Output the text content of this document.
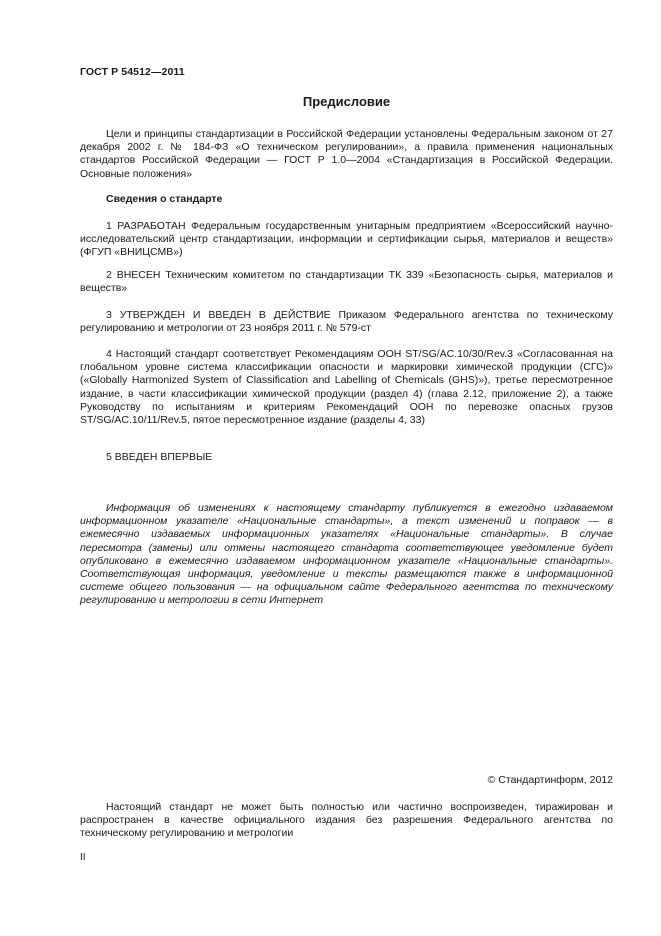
ГОСТ Р 54512—2011
Предисловие

Цели и принципы стандартизации в Российской Федерации установлены Федеральным законом от 27 декабря 2002 г. № 184-ФЗ «О техническом регулировании», а правила применения национальных стандартов Российской Федерации — ГОСТ Р 1.0—2004 «Стандартизация в Российской Федерации. Основные положения»

Сведения о стандарте

1 РАЗРАБОТАН Федеральным государственным унитарным предприятием «Всероссийский научно-исследовательский центр стандартизации, информации и сертификации сырья, материалов и веществ» (ФГУП «ВНИЦСМВ»)

2 ВНЕСЕН Техническим комитетом по стандартизации ТК 339 «Безопасность сырья, материалов и веществ»

3 УТВЕРЖДЕН И ВВЕДЕН В ДЕЙСТВИЕ Приказом Федерального агентства по техническому регулированию и метрологии от 23 ноября 2011 г. № 579-ст

4 Настоящий стандарт соответствует Рекомендациям ООН ST/SG/AC.10/30/Rev.3 «Согласованная на глобальном уровне система классификации опасности и маркировки химической продукции (СГС)» («Globally Harmonized System of Classification and Labelling of Chemicals (GHS)»), третье пересмотренное издание, в части классификации химической продукции (раздел 4) (глава 2.12, приложение 2), а также Руководству по испытаниям и критериям Рекомендаций ООН по перевозке опасных грузов ST/SG/AC.10/11/Rev.5, пятое пересмотренное издание (разделы 4, 33)

5 ВВЕДЕН ВПЕРВЫЕ

Информация об изменениях к настоящему стандарту публикуется в ежегодно издаваемом информационном указателе «Национальные стандарты», а текст изменений и поправок — в ежемесячно издаваемых информационных указателях «Национальные стандарты». В случае пересмотра (замены) или отмены настоящего стандарта соответствующее уведомление будет опубликовано в ежемесячно издаваемом информационном указателе «Национальные стандарты». Соответствующая информация, уведомление и тексты размещаются также в информационной системе общего пользования — на официальном сайте Федерального агентства по техническому регулированию и метрологии в сети Интернет

© Стандартинформ, 2012

Настоящий стандарт не может быть полностью или частично воспроизведен, тиражирован и распространен в качестве официального издания без разрешения Федерального агентства по техническому регулированию и метрологии

II
